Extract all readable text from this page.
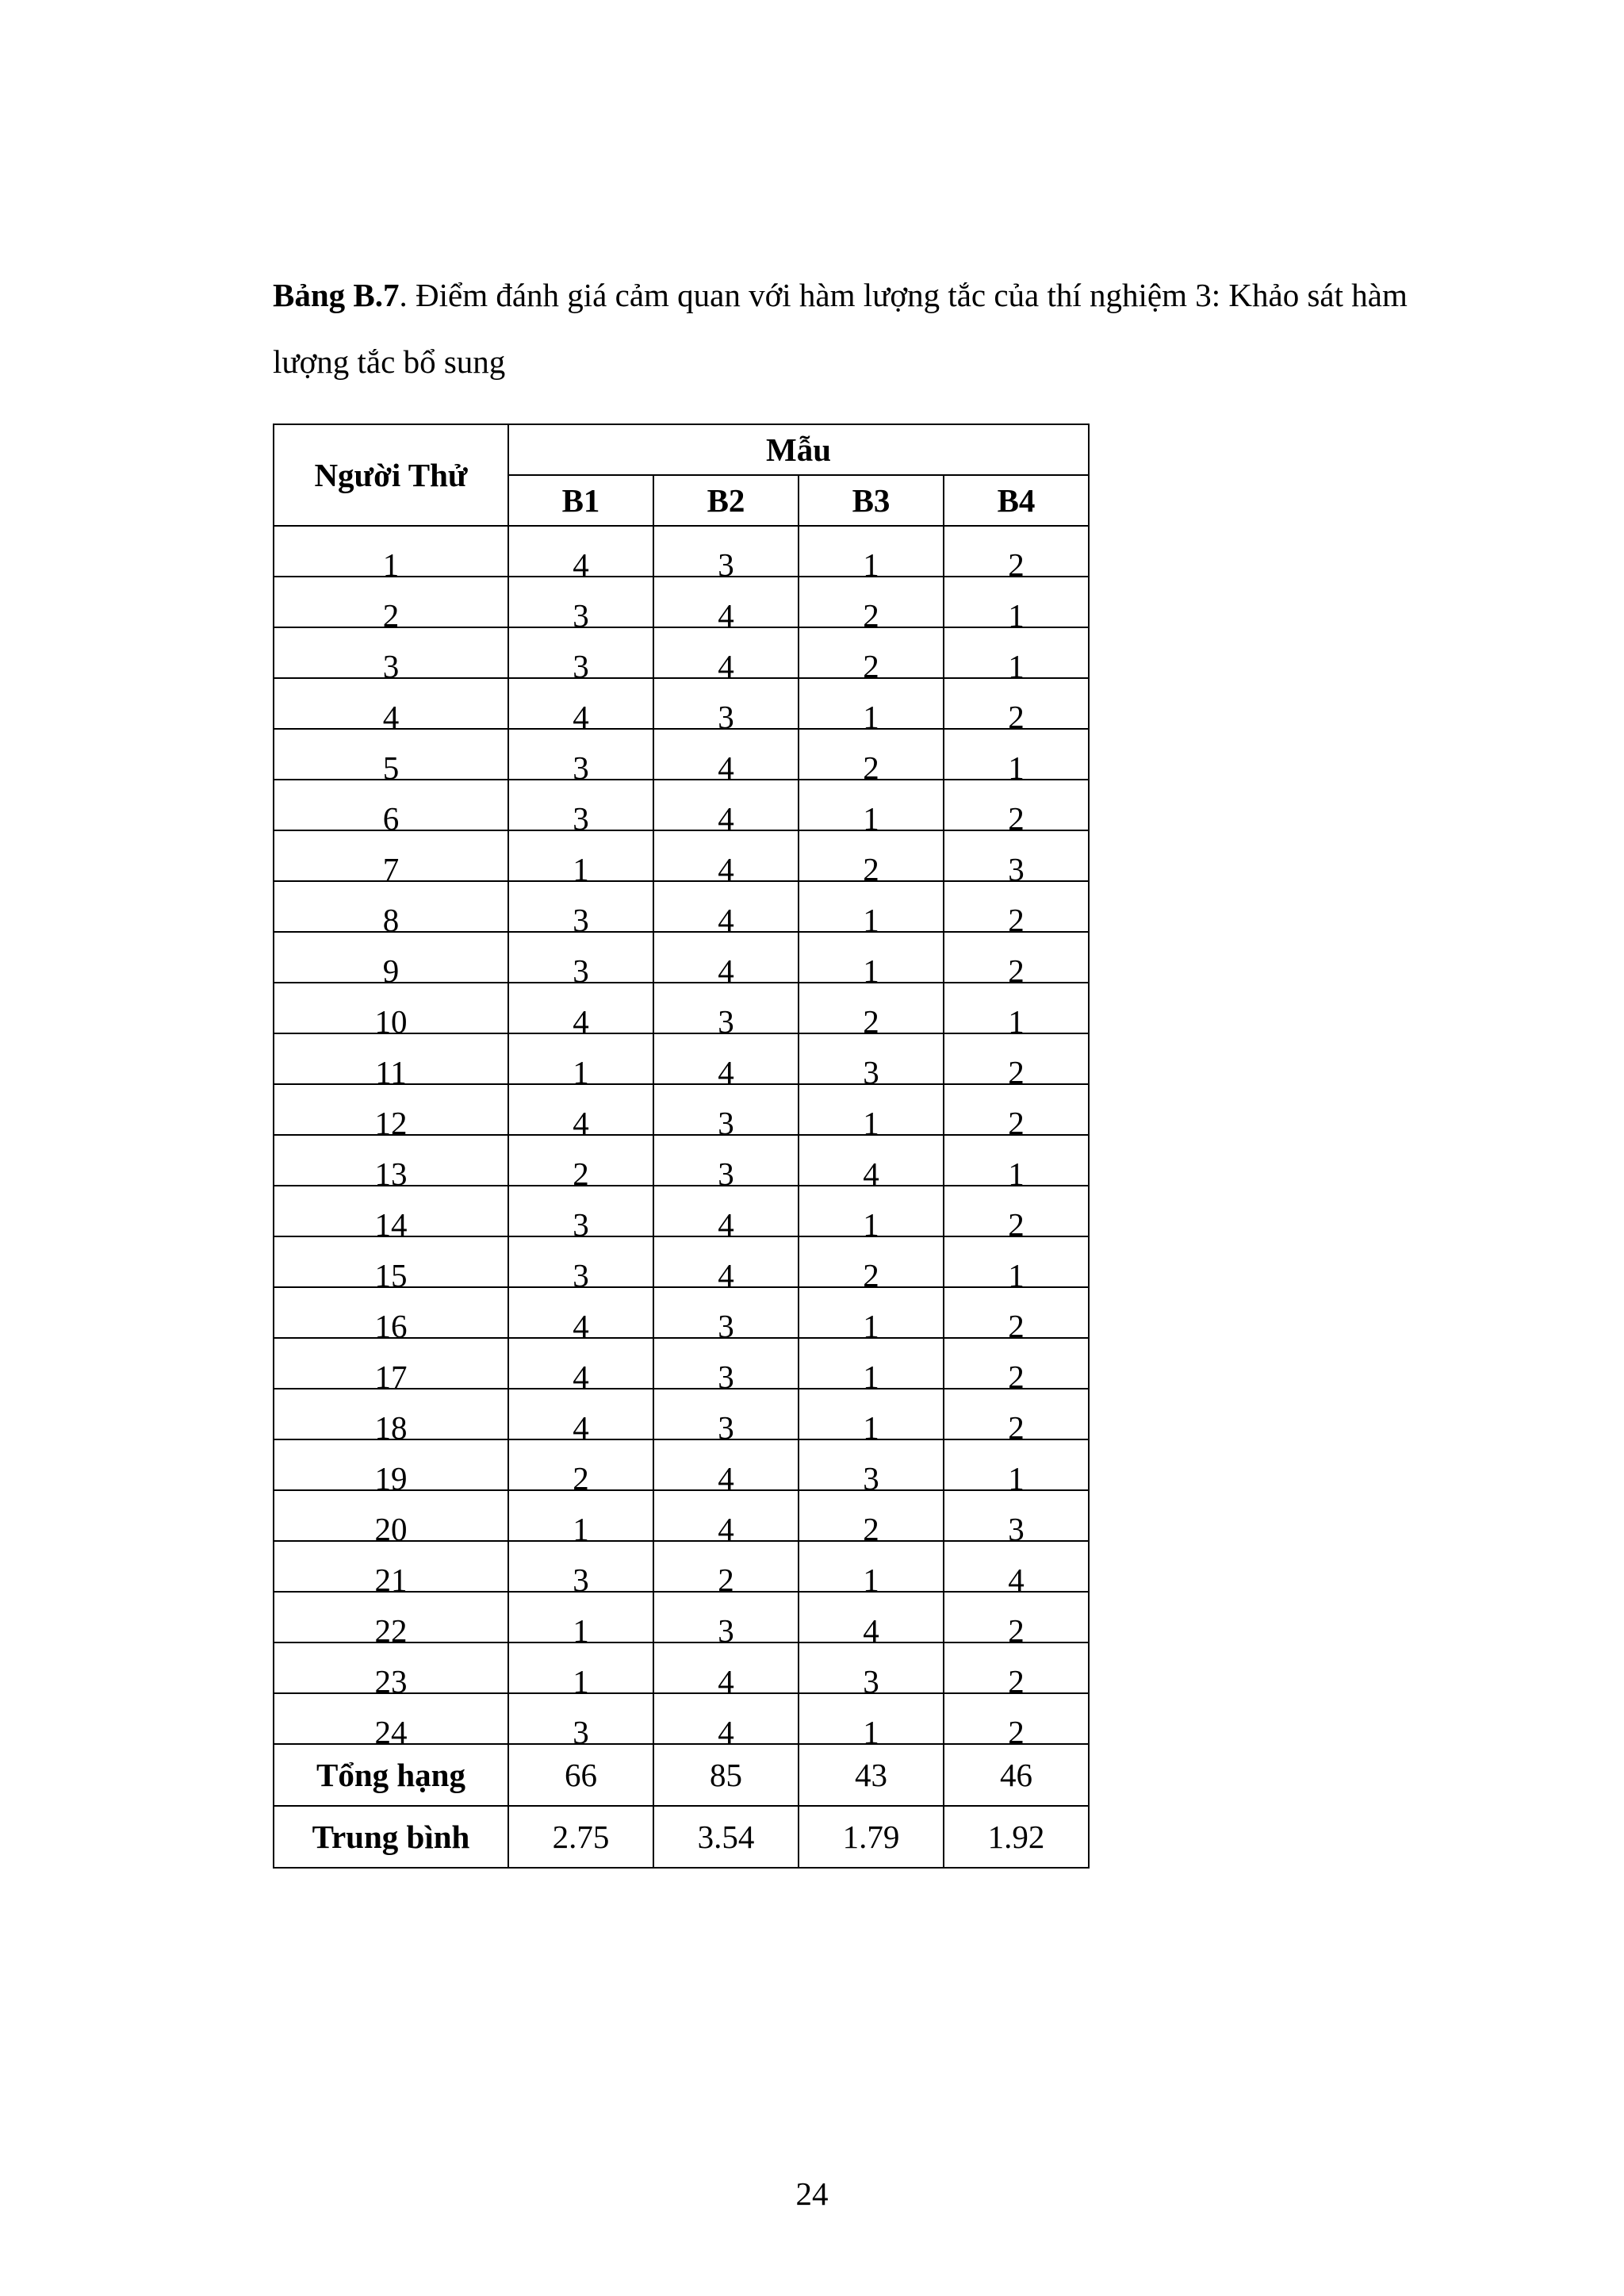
Bảng B.7. Điểm đánh giá cảm quan với hàm lượng tắc của thí nghiệm 3: Khảo sát hàm lượng tắc bổ sung

Người Thử	Mẫu			
	B1	B2	B3	B4
1	4	3	1	2
2	3	4	2	1
3	3	4	2	1
4	4	3	1	2
5	3	4	2	1
6	3	4	1	2
7	1	4	2	3
8	3	4	1	2
9	3	4	1	2
10	4	3	2	1
11	1	4	3	2
12	4	3	1	2
13	2	3	4	1
14	3	4	1	2
15	3	4	2	1
16	4	3	1	2
17	4	3	1	2
18	4	3	1	2
19	2	4	3	1
20	1	4	2	3
21	3	2	1	4
22	1	3	4	2
23	1	4	3	2
24	3	4	1	2
Tổng hạng	66	85	43	46
Trung bình	2.75	3.54	1.79	1.92
24
